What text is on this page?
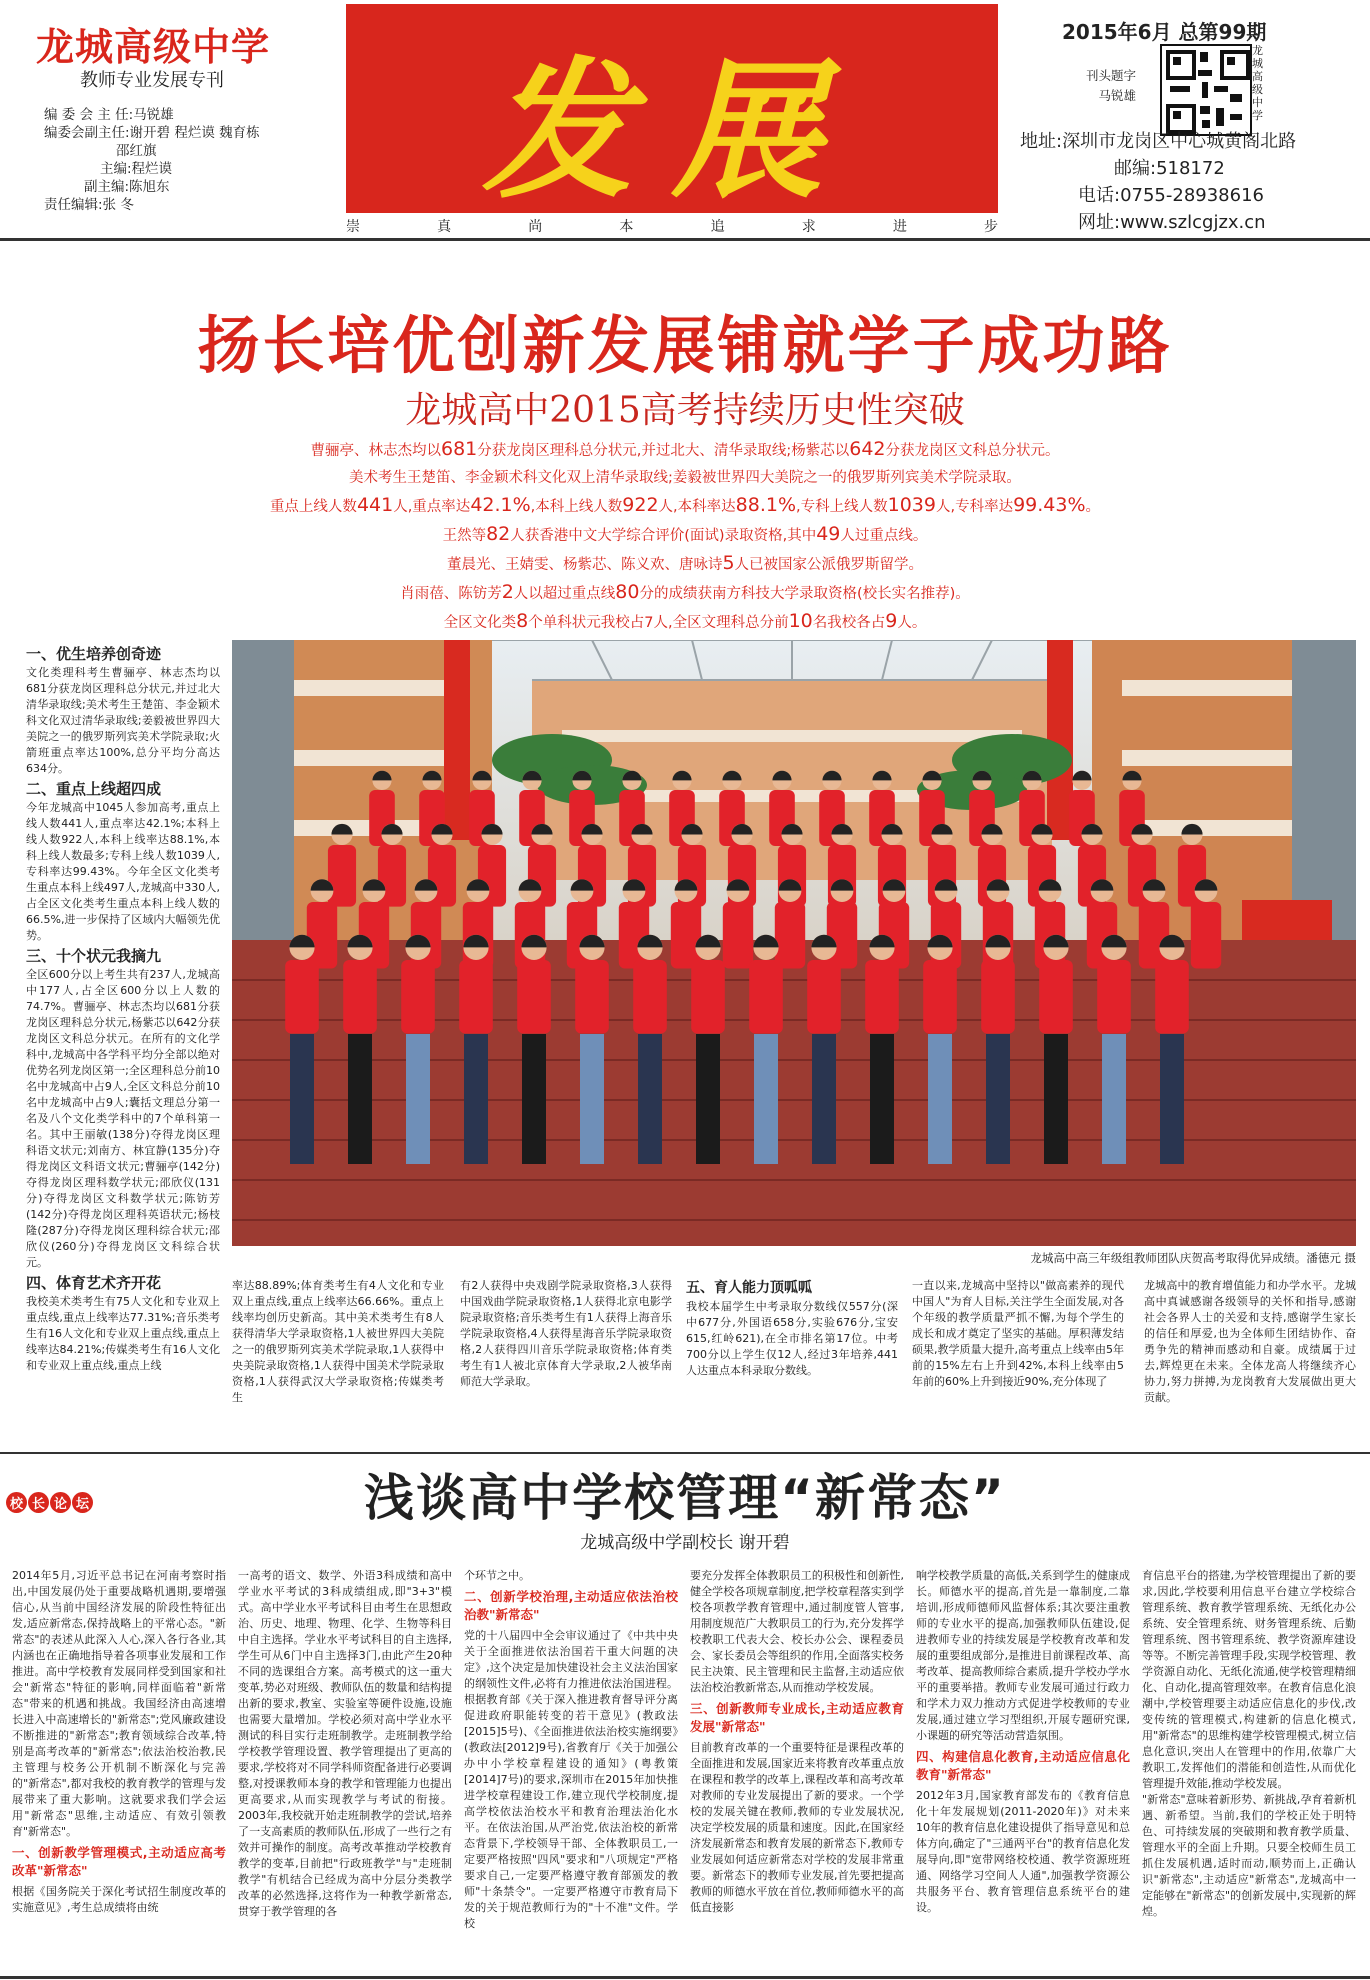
龙城高级中学
教师专业发展专刊
编 委 会 主 任:马锐雄
编委会副主任:谢开碧 程烂谟 魏育栋
邵红旗
主编:程烂谟
副主编:陈旭东
责任编辑:张 冬	发展
崇	真	尚	本	追	求	进	步
2015年6月 总第99期
刊头题字
马锐雄
龙城高级中学
地址:深圳市龙岗区中心城黄阁北路
邮编:518172
电话:0755-28938616
网址:www.szlcgjzx.cn
扬长培优创新发展铺就学子成功路
龙城高中2015高考持续历史性突破
曹骊亭、林志杰均以681分获龙岗区理科总分状元,并过北大、清华录取线;杨紫芯以642分获龙岗区文科总分状元。
美术考生王楚笛、李金颖术科文化双上清华录取线;姜毅被世界四大美院之一的俄罗斯列宾美术学院录取。
重点上线人数441人,重点率达42.1%,本科上线人数922人,本科率达88.1%,专科上线人数1039人,专科率达99.43%。
王然等82人获香港中文大学综合评价(面试)录取资格,其中49人过重点线。
董晨光、王婧雯、杨紫芯、陈义欢、唐咏诗5人已被国家公派俄罗斯留学。
肖雨蓓、陈钫芳2人以超过重点线80分的成绩获南方科技大学录取资格(校长实名推荐)。
全区文化类8个单科状元我校占7人,全区文理科总分前10名我校各占9人。
龙城高中高三年级组教师团队庆贺高考取得优异成绩。潘德元 摄
一、优生培养创奇迹
文化类理科考生曹骊亭、林志杰均以681分获龙岗区理科总分状元,并过北大清华录取线;美术考生王楚笛、李金颖术科文化双过清华录取线;姜毅被世界四大美院之一的俄罗斯列宾美术学院录取;火箭班重点率达100%,总分平均分高达634分。
二、重点上线超四成
今年龙城高中1045人参加高考,重点上线人数441人,重点率达42.1%;本科上线人数922人,本科上线率达88.1%,本科上线人数最多;专科上线人数1039人,专科率达99.43%。今年全区文化类考生重点本科上线497人,龙城高中330人,占全区文化类考生重点本科上线人数的66.5%,进一步保持了区域内大幅领先优势。
三、十个状元我摘九
全区600分以上考生共有237人,龙城高中177人,占全区600分以上人数的74.7%。曹骊亭、林志杰均以681分获龙岗区理科总分状元,杨紫芯以642分获龙岗区文科总分状元。在所有的文化学科中,龙城高中各学科平均分全部以绝对优势名列龙岗区第一;全区理科总分前10名中龙城高中占9人,全区文科总分前10名中龙城高中占9人;囊括文理总分第一名及八个文化类学科中的7个单科第一名。其中王丽敏(138分)夺得龙岗区理科语文状元;刘南方、林宜静(135分)夺得龙岗区文科语文状元;曹骊亭(142分)夺得龙岗区理科数学状元;邵欣仪(131分)夺得龙岗区文科数学状元;陈钫芳(142分)夺得龙岗区理科英语状元;杨枝隆(287分)夺得龙岗区理科综合状元;邵欣仪(260分)夺得龙岗区文科综合状元。
四、体育艺术齐开花
我校美术类考生有75人文化和专业双上重点线,重点上线率达77.31%;音乐类考生有16人文化和专业双上重点线,重点上线率达84.21%;传媒类考生有16人文化和专业双上重点线,重点上线
率达88.89%;体育类考生有4人文化和专业双上重点线,重点上线率达66.66%。重点上线率均创历史新高。其中美术类考生有8人获得清华大学录取资格,1人被世界四大美院之一的俄罗斯列宾美术学院录取,1人获得中央美院录取资格,1人获得中国美术学院录取资格,1人获得武汉大学录取资格;传媒类考生
有2人获得中央戏剧学院录取资格,3人获得中国戏曲学院录取资格,1人获得北京电影学院录取资格;音乐类考生有1人获得上海音乐学院录取资格,4人获得星海音乐学院录取资格,2人获得四川音乐学院录取资格;体育类考生有1人被北京体育大学录取,2人被华南师范大学录取。
五、育人能力顶呱呱
我校本届学生中考录取分数线仅557分(深中677分,外国语658分,实验676分,宝安615,红岭621),在全市排名第17位。中考700分以上学生仅12人,经过3年培养,441人达重点本科录取分数线。
一直以来,龙城高中坚持以"做高素养的现代中国人"为育人目标,关注学生全面发展,对各个年级的教学质量严抓不懈,为每个学生的成长和成才奠定了坚实的基础。厚积薄发结硕果,教学质量大提升,高考重点上线率由5年前的15%左右上升到42%,本科上线率由5年前的60%上升到接近90%,充分体现了
龙城高中的教育增值能力和办学水平。龙城高中真诚感谢各级领导的关怀和指导,感谢社会各界人士的关爱和支持,感谢学生家长的信任和厚爱,也为全体师生团结协作、奋勇争先的精神而感动和自豪。成绩属于过去,辉煌更在未来。全体龙高人将继续齐心协力,努力拼搏,为龙岗教育大发展做出更大贡献。
校 长 论 坛	浅谈高中学校管理“新常态”
龙城高级中学副校长 谢开碧
2014年5月,习近平总书记在河南考察时指出,中国发展仍处于重要战略机遇期,要增强信心,从当前中国经济发展的阶段性特征出发,适应新常态,保持战略上的平常心态。"新常态"的表述从此深入人心,深入各行各业,其内涵也在正确地指导着各项事业发展和工作推进。高中学校教育发展同样受到国家和社会"新常态"特征的影响,同样面临着"新常态"带来的机遇和挑战。我国经济由高速增长进入中高速增长的"新常态";党风廉政建设不断推进的"新常态";教育领域综合改革,特别是高考改革的"新常态";依法治校治教,民主管理与校务公开机制不断深化与完善的"新常态",都对我校的教育教学的管理与发展带来了重大影响。这就要求我们学会运用"新常态"思维,主动适应、有效引领教育"新常态"。
一、创新教学管理模式,主动适应高考改革"新常态"
根据《国务院关于深化考试招生制度改革的实施意见》,考生总成绩将由统
一高考的语文、数学、外语3科成绩和高中学业水平考试的3科成绩组成,即"3+3"模式。高中学业水平考试科目由考生在思想政治、历史、地理、物理、化学、生物等科目中自主选择。学业水平考试科目的自主选择,学生可从6门中自主选择3门,由此产生20种不同的选课组合方案。高考模式的这一重大变革,势必对班级、教师队伍的数量和结构提出新的要求,教室、实验室等硬件设施,设施也需要大量增加。学校必须对高中学业水平测试的科目实行走班制教学。走班制教学给学校教学管理设置、教学管理提出了更高的要求,学校将对不同学科师资配备进行必要调整,对授课教师本身的教学和管理能力也提出更高要求,从而实现教学与考试的衔接。2003年,我校就开始走班制教学的尝试,培养了一支高素质的教师队伍,形成了一些行之有效并可操作的制度。高考改革推动学校教育教学的变革,目前把"行政班教学"与"走班制教学"有机结合已经成为高中分层分类教学改革的必然选择,这将作为一种教学新常态,贯穿于教学管理的各
个环节之中。
二、创新学校治理,主动适应依法治校治教"新常态"
党的十八届四中全会审议通过了《中共中央关于全面推进依法治国若干重大问题的决定》,这个决定是加快建设社会主义法治国家的纲领性文件,必将有力推进依法治国进程。根据教育部《关于深入推进教育督导评分离促进政府职能转变的若干意见》(教政法[2015]5号)、《全面推进依法治校实施纲要》(教政法[2012]9号),省教育厅《关于加强公办中小学校章程建设的通知》(粤教策[2014]7号)的要求,深圳市在2015年加快推进学校章程建设工作,建立现代学校制度,提高学校依法治校水平和教育治理法治化水平。在依法治国,从严治党,依法治校的新常态背景下,学校领导干部、全体教职员工,一定要严格按照"四风"要求和"八项规定"严格要求自己,一定要严格遵守教育部颁发的教师"十条禁令"。一定要严格遵守市教育局下发的关于规范教师行为的"十不准"文件。学校
要充分发挥全体教职员工的积极性和创新性,健全学校各项规章制度,把学校章程落实到学校各项教学教育管理中,通过制度管人管事,用制度规范广大教职员工的行为,充分发挥学校教职工代表大会、校长办公会、课程委员会、家长委员会等组织的作用,全面落实校务民主决策、民主管理和民主监督,主动适应依法治校治教新常态,从而推动学校发展。
三、创新教师专业成长,主动适应教育发展"新常态"
目前教育改革的一个重要特征是课程改革的全面推进和发展,国家近来将教育改革重点放在课程和教学的改革上,课程改革和高考改革对教师的专业发展提出了新的要求。一个学校的发展关键在教师,教师的专业发展状况,决定学校发展的质量和速度。因此,在国家经济发展新常态和教育发展的新常态下,教师专业发展如何适应新常态对学校的发展非常重要。新常态下的教师专业发展,首先要把提高教师的师德水平放在首位,教师师德水平的高低直接影
响学校教学质量的高低,关系到学生的健康成长。师德水平的提高,首先是一靠制度,二靠培训,形成师德师风监督体系;其次要注重教师的专业水平的提高,加强教师队伍建设,促进教师专业的持续发展是学校教育改革和发展的重要组成部分,是推进目前课程改革、高考改革、提高教师综合素质,提升学校办学水平的重要举措。教师专业发展可通过行政力和学术力双力推动方式促进学校教师的专业发展,通过建立学习型组织,开展专题研究课,小课题的研究等活动营造氛围。
四、构建信息化教育,主动适应信息化教育"新常态"
2012年3月,国家教育部发布的《教育信息化十年发展规划(2011-2020年)》对未来10年的教育信息化建设提供了指导意见和总体方向,确定了"三通两平台"的教育信息化发展导向,即"宽带网络校校通、教学资源班班通、网络学习空间人人通",加强教学资源公共服务平台、教育管理信息系统平台的建设。
育信息平台的搭建,为学校管理提出了新的要求,因此,学校要利用信息平台建立学校综合管理系统、教育教学管理系统、无纸化办公系统、安全管理系统、财务管理系统、后勤管理系统、图书管理系统、教学资源库建设等等。不断完善管理手段,实现学校管理、教学资源自动化、无纸化流通,使学校管理精细化、自动化,提高管理效率。在教育信息化浪潮中,学校管理要主动适应信息化的步伐,改变传统的管理模式,构建新的信息化模式,用"新常态"的思维构建学校管理模式,树立信息化意识,突出人在管理中的作用,依靠广大教职工,发挥他们的潜能和创造性,从而优化管理提升效能,推动学校发展。
"新常态"意味着新形势、新挑战,孕育着新机遇、新希望。当前,我们的学校正处于明特色、可持续发展的突破期和教育教学质量、管理水平的全面上升期。只要全校师生员工抓住发展机遇,适时而动,顺势而上,正确认识"新常态",主动适应"新常态",龙城高中一定能够在"新常态"的创新发展中,实现新的辉煌。
